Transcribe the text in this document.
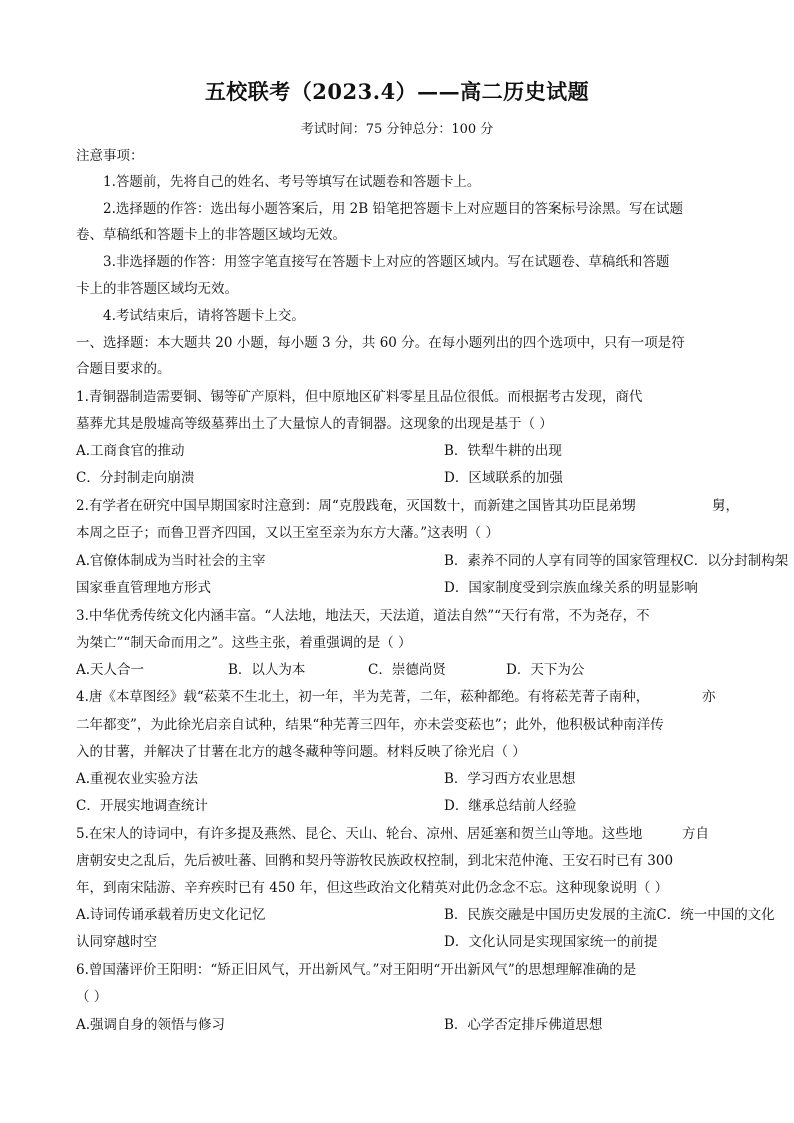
五校联考（2023.4）——高二历史试题
考试时间：75 分钟总分：100 分
注意事项：
1.答题前，先将自己的姓名、考号等填写在试题卷和答题卡上。
2.选择题的作答：选出每小题答案后，用 2B 铅笔把答题卡上对应题目的答案标号涂黑。写在试题
卷、草稿纸和答题卡上的非答题区域均无效。
3.非选择题的作答：用签字笔直接写在答题卡上对应的答题区域内。写在试题卷、草稿纸和答题
卡上的非答题区域均无效。
4.考试结束后，请将答题卡上交。
一、选择题：本大题共 20 小题，每小题 3 分，共 60 分。在每小题列出的四个选项中，只有一项是符
合题目要求的。
1.青铜器制造需要铜、锡等矿产原料，但中原地区矿料零星且品位很低。而根据考古发现，商代
墓葬尤其是殷墟高等级墓葬出土了大量惊人的青铜器。这现象的出现是基于（ ）
A.工商食官的推动	B．铁犁牛耕的出现
C．分封制走向崩溃	D．区域联系的加强
2.有学者在研究中国早期国家时注意到：周“克殷践奄，灭国数十，而新建之国皆其功臣昆弟甥	舅，
本周之臣子；而鲁卫晋齐四国，又以王室至亲为东方大藩。”这表明（ ）
A.官僚体制成为当时社会的主宰	B．素养不同的人享有同等的国家管理权C．以分封制构架
国家垂直管理地方形式	D．国家制度受到宗族血缘关系的明显影响
3.中华优秀传统文化内涵丰富。“人法地，地法天，天法道，道法自然”“天行有常，不为尧存，不
为桀亡”“制天命而用之”。这些主张，着重强调的是（ ）
A.天人合一	B．以人为本	C．崇德尚贤	D．天下为公
4.唐《本草图经》载“菘菜不生北土，初一年，半为芜菁，二年，菘种都绝。有将菘芜菁子南种，	亦
二年都变”，为此徐光启亲自试种，结果“种芜菁三四年，亦未尝变菘也”；此外，他积极试种南洋传
入的甘薯，并解决了甘薯在北方的越冬藏种等问题。材料反映了徐光启（ ）
A.重视农业实验方法	B．学习西方农业思想
C．开展实地调查统计	D．继承总结前人经验
5.在宋人的诗词中，有许多提及燕然、昆仑、天山、轮台、凉州、居延塞和贺兰山等地。这些地	方自
唐朝安史之乱后，先后被吐蕃、回鹘和契丹等游牧民族政权控制，到北宋范仲淹、王安石时已有 300
年，到南宋陆游、辛弃疾时已有 450 年，但这些政治文化精英对此仍念念不忘。这种现象说明（ ）
A.诗词传诵承载着历史文化记忆	B．民族交融是中国历史发展的主流C．统一中国的文化
认同穿越时空	D．文化认同是实现国家统一的前提
6.曾国藩评价王阳明：“矫正旧风气，开出新风气。”对王阳明“开出新风气”的思想理解准确的是
（ ）
A.强调自身的领悟与修习	B．心学否定排斥佛道思想
